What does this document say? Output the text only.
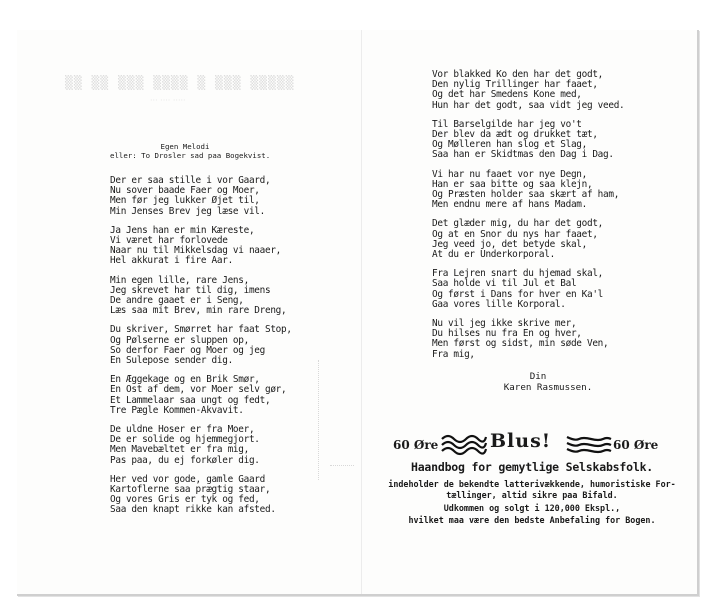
▒▒ ▒▒ ▒▒▒ ▒▒▒▒ ▒ ▒▒▒ ▒▒▒▒▒
··· ···· ·····
Egen Melodi
eller: To Drosler sad paa Bogekvist.
Der er saa stille i vor Gaard,
Nu sover baade Faer og Moer,
Men før jeg lukker Øjet til,
Min Jenses Brev jeg læse vil.
Ja Jens han er min Kæreste,
Vi været har forlovede
Naar nu til Mikkelsdag vi naaer,
Hel akkurat i fire Aar.
Min egen lille, rare Jens,
Jeg skrevet har til dig, imens
De andre gaaet er i Seng,
Læs saa mit Brev, min rare Dreng,
Du skriver, Smørret har faat Stop,
Og Pølserne er sluppen op,
So derfor Faer og Moer og jeg
En Sulepose sender dig.
En Æggekage og en Brik Smør,
En Ost af dem, vor Moer selv gør,
Et Lammelaar saa ungt og fedt,
Tre Pægle Kommen-Akvavit.
De uldne Hoser er fra Moer,
De er solide og hjemmegjort.
Men Mavebæltet er fra mig,
Pas paa, du ej forkøler dig.
Her ved vor gode, gamle Gaard
Kartoflerne saa prægtig staar,
Og vores Gris er tyk og fed,
Saa den knapt rikke kan afsted.
Vor blakked Ko den har det godt,
Den nylig Trillinger har faaet,
Og det har Smedens Kone med,
Hun har det godt, saa vidt jeg veed.
Til Barselgilde har jeg vo't
Der blev da ædt og drukket tæt,
Og Mølleren han slog et Slag,
Saa han er Skidtmas den Dag i Dag.
Vi har nu faaet vor nye Degn,
Han er saa bitte og saa klejn,
Og Præsten holder saa skært af ham,
Men endnu mere af hans Madam.
Det glæder mig, du har det godt,
Og at en Snor du nys har faaet,
Jeg veed jo, det betyde skal,
At du er Underkorporal.
Fra Lejren snart du hjemad skal,
Saa holde vi til Jul et Bal
Og først i Dans for hver en Ka'l
Gaa vores lille Korporal.
Nu vil jeg ikke skrive mer,
Du hilses nu fra En og hver,
Men først og sidst, min søde Ven,
Fra mig,
Din
Karen Rasmussen.
60 Øre	Blus!	60 Øre
Haandbog for gemytlige Selskabsfolk.
indeholder de bekendte latterivækkende, humoristiske For-
tællinger, altid sikre paa Bifald.
Udkommen og solgt i 120,000 Ekspl.,
hvilket maa være den bedste Anbefaling for Bogen.
